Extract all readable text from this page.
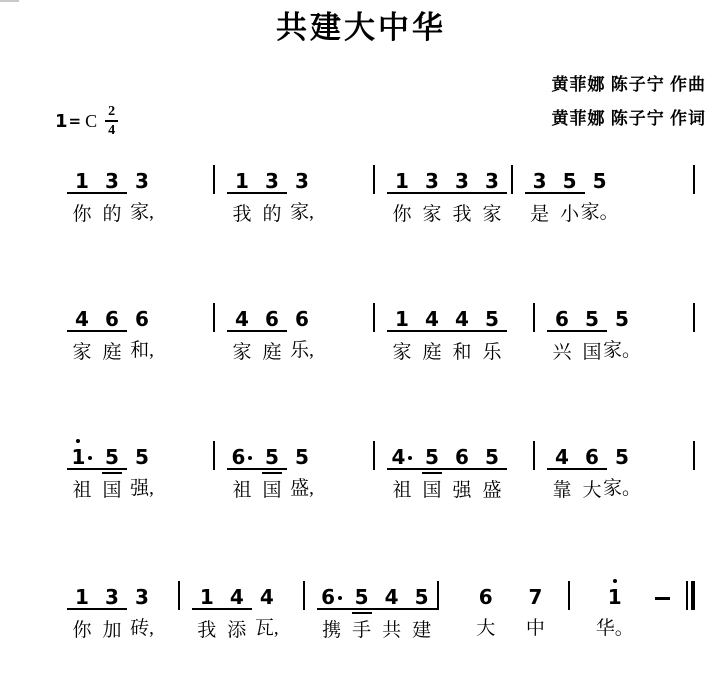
共建大中华
黄菲娜 陈子宁 作曲
黄菲娜 陈子宁 作词
1 = C $\frac{2}{4}$
1
你
3
的
3
家,
1
我
3
的
3
家,
1
你
3
家
3
我
3
家
3
是
5
小
5
家。
4
家
6
庭
6
和,
4
家
6
庭
6
乐,
1
家
4
庭
4
和
5
乐
6
兴
5
国
5
家。
1
祖
5
国
5
强,
6
祖
5
国
5
盛,
4
祖
5
国
6
强
5
盛
4
靠
6
大
5
家。
1
你
3
加
3
砖,
1
我
4
添
4
瓦,
6
携
5
手
4
共
5
建
6
大
7
中
1
华。
